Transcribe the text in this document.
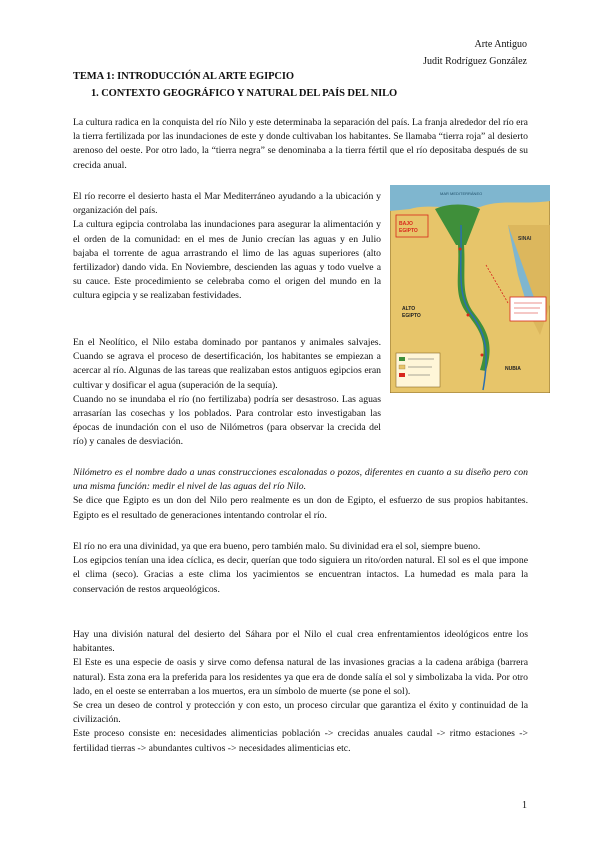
Arte Antiguo
Judit Rodríguez González
TEMA 1: INTRODUCCIÓN AL ARTE EGIPCIO
1. CONTEXTO GEOGRÁFICO Y NATURAL DEL PAÍS DEL NILO

La cultura radica en la conquista del río Nilo y este determinaba la separación del país. La franja alrededor del río era la tierra fertilizada por las inundaciones de este y donde cultivaban los habitantes. Se llamaba “tierra roja” al desierto arenoso del oeste. Por otro lado, la “tierra negra” se denominaba a la tierra fértil que el río depositaba después de su crecida anual.

El río recorre el desierto hasta el Mar Mediterráneo ayudando a la ubicación y organización del país.

La cultura egipcia controlaba las inundaciones para asegurar la alimentación y el orden de la comunidad: en el mes de Junio crecían las aguas y en Julio bajaba el torrente de agua arrastrando el limo de las aguas superiores (alto fertilizador) dando vida. En Noviembre, descienden las aguas y todo vuelve a su cauce. Este procedimiento se celebraba como el origen del mundo en la cultura egipcia y se realizaban festividades.

En el Neolítico, el Nilo estaba dominado por pantanos y animales salvajes. Cuando se agrava el proceso de desertificación, los habitantes se empiezan a acercar al río. Algunas de las tareas que realizaban estos antiguos egipcios eran cultivar y dosificar el agua (superación de la sequía).

Cuando no se inundaba el río (no fertilizaba) podría ser desastroso. Las aguas arrasarían las cosechas y los poblados. Para controlar esto investigaban las épocas de inundación con el uso de Nilómetros (para observar la crecida del río) y canales de desviación.

Nilómetro es el nombre dado a unas construcciones escalonadas o pozos, diferentes en cuanto a su diseño pero con una misma función: medir el nivel de las aguas del río Nilo.

Se dice que Egipto es un don del Nilo pero realmente es un don de Egipto, el esfuerzo de sus propios habitantes. Egipto es el resultado de generaciones intentando controlar el río.

El río no era una divinidad, ya que era bueno, pero también malo. Su divinidad era el sol, siempre bueno.

Los egipcios tenían una idea cíclica, es decir, querían que todo siguiera un rito/orden natural. El sol es el que impone el clima (seco). Gracias a este clima los yacimientos se encuentran intactos. La humedad es mala para la conservación de restos arqueológicos.

Hay una división natural del desierto del Sáhara por el Nilo el cual crea enfrentamientos ideológicos entre los habitantes.

El Este es una especie de oasis y sirve como defensa natural de las invasiones gracias a la cadena arábiga (barrera natural). Esta zona era la preferida para los residentes ya que era de donde salía el sol y simbolizaba la vida. Por otro lado, en el oeste se enterraban a los muertos, era un símbolo de muerte (se pone el sol).

Se crea un deseo de control y protección y con esto, un proceso circular que garantiza el éxito y continuidad de la civilización.

Este proceso consiste en: necesidades alimenticias población -> crecidas anuales caudal -> ritmo estaciones -> fertilidad tierras -> abundantes cultivos -> necesidades alimenticias etc.

BAJO
EGIPTO
SINAI
ALTO
EGIPTO
NUBIA
MAR MEDITERRÁNEO
1
